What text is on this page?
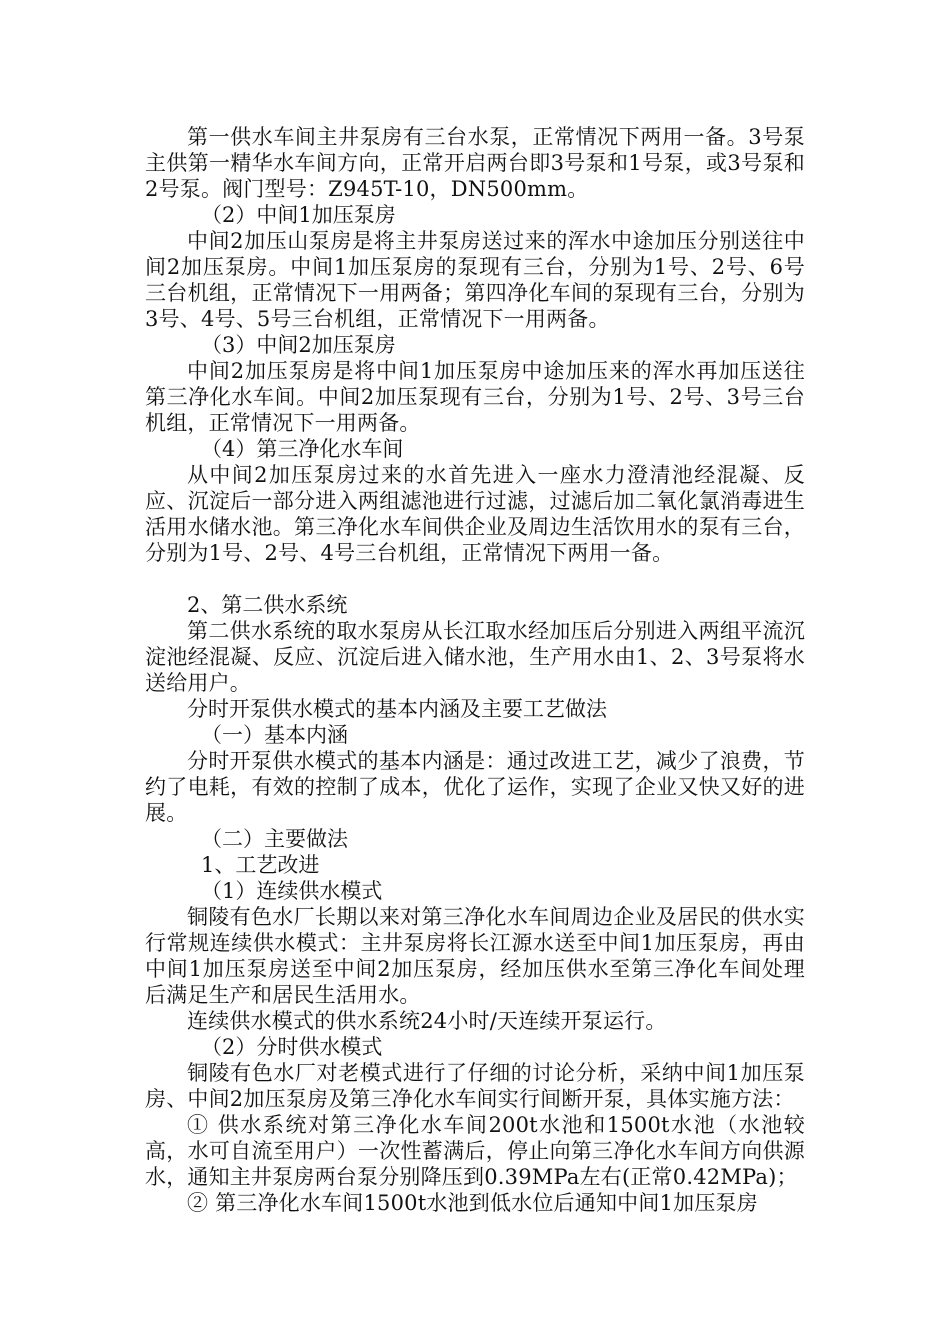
第一供水车间主井泵房有三台水泵，正常情况下两用一备。3号泵主供第一精华水车间方向，正常开启两台即3号泵和1号泵，或3号泵和2号泵。阀门型号：Z945T-10，DN500mm。

（2）中间1加压泵房

中间2加压山泵房是将主井泵房送过来的浑水中途加压分别送往中间2加压泵房。中间1加压泵房的泵现有三台，分别为1号、2号、6号三台机组，正常情况下一用两备；第四净化车间的泵现有三台，分别为3号、4号、5号三台机组，正常情况下一用两备。

（3）中间2加压泵房

中间2加压泵房是将中间1加压泵房中途加压来的浑水再加压送往第三净化水车间。中间2加压泵现有三台，分别为1号、2号、3号三台机组，正常情况下一用两备。

（4）第三净化水车间

从中间2加压泵房过来的水首先进入一座水力澄清池经混凝、反应、沉淀后一部分进入两组滤池进行过滤，过滤后加二氧化氯消毒进生活用水储水池。第三净化水车间供企业及周边生活饮用水的泵有三台，分别为1号、2号、4号三台机组，正常情况下两用一备。

2、第二供水系统

第二供水系统的取水泵房从长江取水经加压后分别进入两组平流沉淀池经混凝、反应、沉淀后进入储水池，生产用水由1、2、3号泵将水送给用户。

分时开泵供水模式的基本内涵及主要工艺做法

（一）基本内涵

分时开泵供水模式的基本内涵是：通过改进工艺，减少了浪费，节约了电耗，有效的控制了成本，优化了运作，实现了企业又快又好的进展。

（二）主要做法

1、工艺改进

（1）连续供水模式

铜陵有色水厂长期以来对第三净化水车间周边企业及居民的供水实行常规连续供水模式：主井泵房将长江源水送至中间1加压泵房，再由中间1加压泵房送至中间2加压泵房，经加压供水至第三净化车间处理后满足生产和居民生活用水。

连续供水模式的供水系统24小时/天连续开泵运行。

（2）分时供水模式

铜陵有色水厂对老模式进行了仔细的讨论分析，采纳中间1加压泵房、中间2加压泵房及第三净化水车间实行间断开泵，具体实施方法：

① 供水系统对第三净化水车间200t水池和1500t水池（水池较高，水可自流至用户）一次性蓄满后，停止向第三净化水车间方向供源水，通知主井泵房两台泵分别降压到0.39MPa左右(正常0.42MPa)；

② 第三净化水车间1500t水池到低水位后通知中间1加压泵房
